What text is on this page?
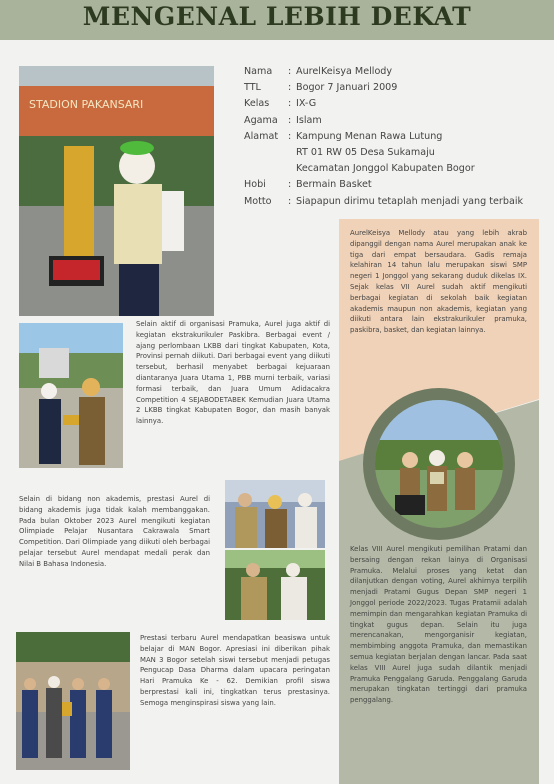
MENGENAL LEBIH DEKAT
STADION PAKANSARI
Nama	: AurelKeisya Mellody
TTL	: Bogor 7 Januari 2009
Kelas	: IX-G
Agama	: Islam
Alamat	: Kampung Menan Rawa Lutung
RT 01 RW 05 Desa Sukamaju
Kecamatan Jonggol Kabupaten Bogor
Hobi	: Bermain Basket
Motto	: Siapapun dirimu tetaplah menjadi yang terbaik
AurelKeisya Mellody atau yang lebih akrab dipanggil dengan nama Aurel merupakan anak ke tiga dari empat bersaudara. Gadis remaja kelahiran 14 tahun lalu merupakan siswi SMP negeri 1 Jonggol yang sekarang duduk dikelas IX. Sejak kelas VII Aurel sudah aktif mengikuti berbagai kegiatan di sekolah baik kegiatan akademis maupun non akademis, kegiatan yang diikuti antara lain ekstrakurikuler pramuka, paskibra, basket, dan kegiatan lainnya.
Kelas VIII Aurel mengikuti pemilihan Pratami dan bersaing dengan rekan lainya di Organisasi Pramuka. Melalui proses yang ketat dan dilanjutkan dengan voting, Aurel akhirnya terpilih menjadi Pratami Gugus Depan SMP negeri 1 Jonggol periode 2022/2023. Tugas Pratamii adalah memimpin dan mengarahkan kegiatan Pramuka di tingkat gugus depan. Selain itu juga merencanakan, mengorganisir kegiatan, membimbing anggota Pramuka, dan memastikan semua kegiatan berjalan dengan lancar. Pada saat kelas VIII Aurel juga sudah dilantik menjadi Pramuka Penggalang Garuda. Penggalang Garuda merupakan tingkatan tertinggi dari pramuka penggalang.
Selain aktif di organisasi Pramuka, Aurel juga aktif di kegiatan ekstrakurikuler Paskibra. Berbagai event / ajang perlombaan LKBB dari tingkat Kabupaten, Kota, Provinsi pernah diikuti. Dari berbagai event yang diikuti tersebut, berhasil menyabet berbagai kejuaraan diantaranya Juara Utama 1, PBB murni terbaik, variasi formasi terbaik, dan Juara Umum Adidacakra Competition 4 SEJABODETABEK Kemudian Juara Utama 2 LKBB tingkat Kabupaten Bogor, dan masih banyak lainnya.
Selain di bidang non akademis, prestasi Aurel di bidang akademis juga tidak kalah membanggakan. Pada bulan Oktober 2023 Aurel mengikuti kegiatan Olimpiade Pelajar Nusantara Cakrawala Smart Competition. Dari Olimpiade yang diikuti oleh berbagai pelajar tersebut Aurel mendapat medali perak dan Nilai B Bahasa Indonesia.
Prestasi terbaru Aurel mendapatkan beasiswa untuk belajar di MAN Bogor. Apresiasi ini diberikan pihak MAN 3 Bogor setelah siswi tersebut menjadi petugas Pengucap Dasa Dharma dalam upacara peringatan Hari Pramuka Ke - 62. Demikian profil siswa berprestasi kali ini, tingkatkan terus prestasinya. Semoga menginspirasi siswa yang lain.
